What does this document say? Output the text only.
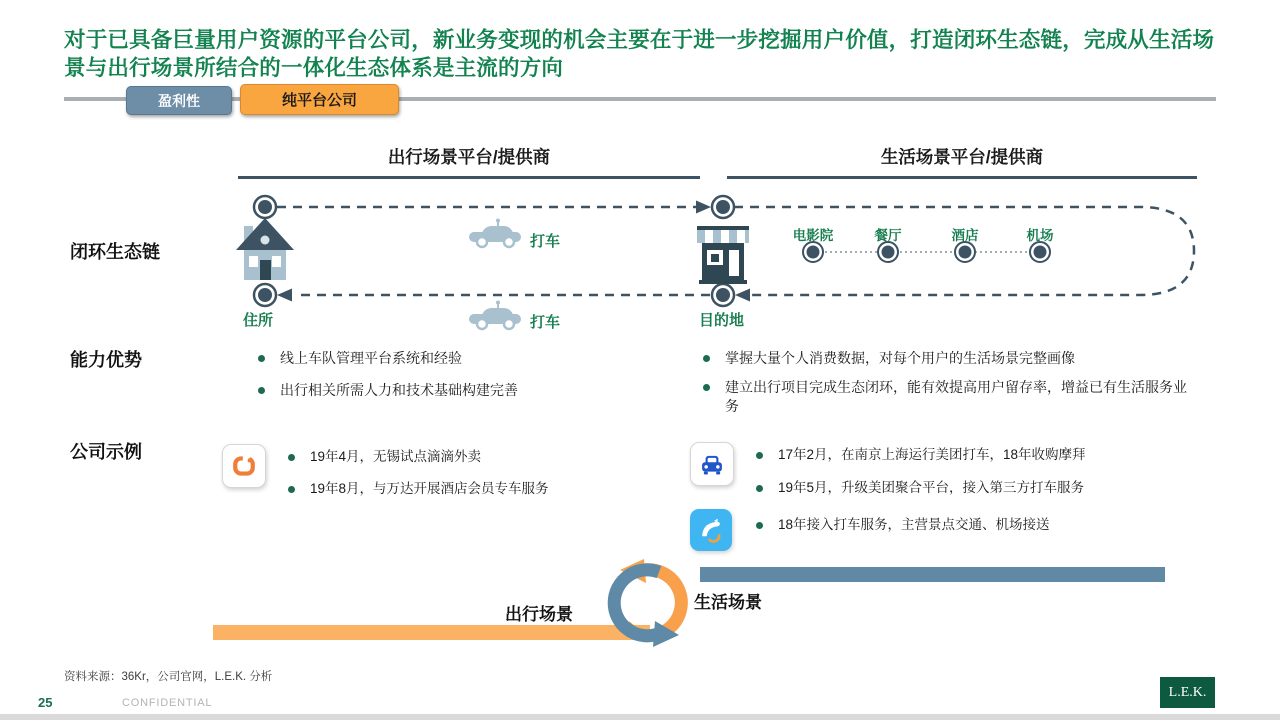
对于已具备巨量用户资源的平台公司，新业务变现的机会主要在于进一步挖掘用户价值，打造闭环生态链，完成从生活场景与出行场景所结合的一体化生态体系是主流的方向
盈利性	纯平台公司
出行场景平台/提供商	生活场景平台/提供商
闭环生态链
能力优势
公司示例
打车
打车
住所	目的地
电影院	餐厅	酒店	机场
线上车队管理平台系统和经验
出行相关所需人力和技术基础构建完善
掌握大量个人消费数据，对每个用户的生活场景完整画像
建立出行项目完成生态闭环，能有效提高用户留存率，增益已有生活服务业务
19年4月，无锡试点滴滴外卖
19年8月，与万达开展酒店会员专车服务
17年2月，在南京上海运行美团打车，18年收购摩拜
19年5月，升级美团聚合平台，接入第三方打车服务
18年接入打车服务，主营景点交通、机场接送
出行场景
生活场景
资料来源：36Kr，公司官网，L.E.K. 分析
25	CONFIDENTIAL
L.E.K.
